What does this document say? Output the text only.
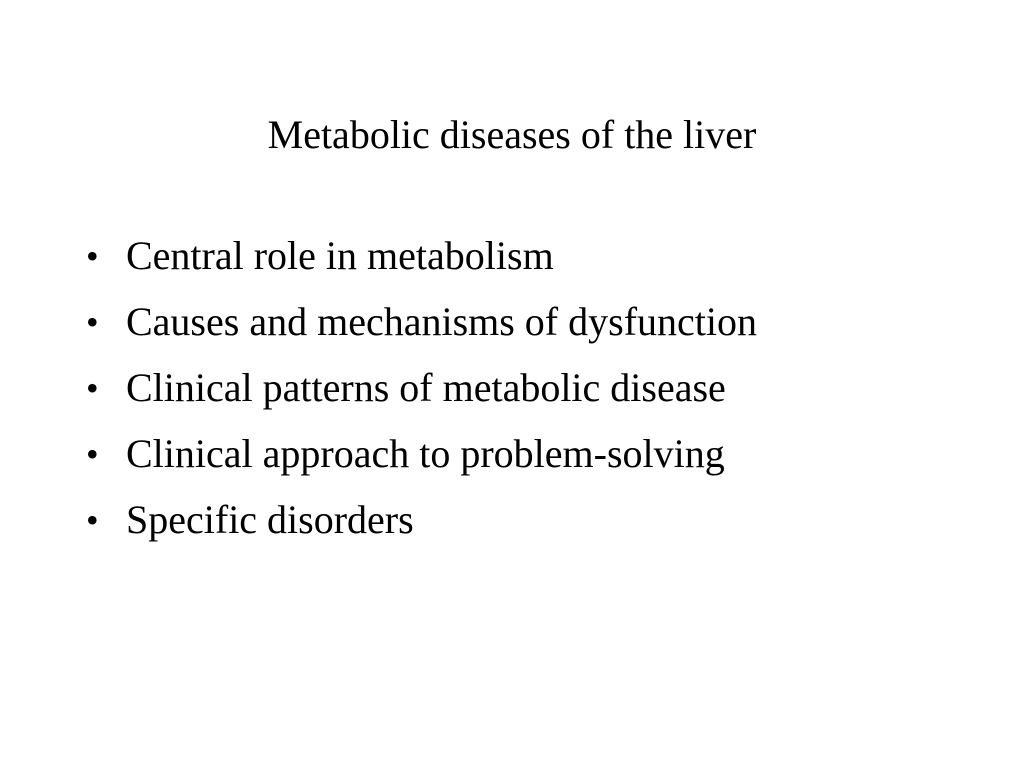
Metabolic diseases of the liver
• Central role in metabolism
• Causes and mechanisms of dysfunction
• Clinical patterns of metabolic disease
• Clinical approach to problem-solving
• Specific disorders
